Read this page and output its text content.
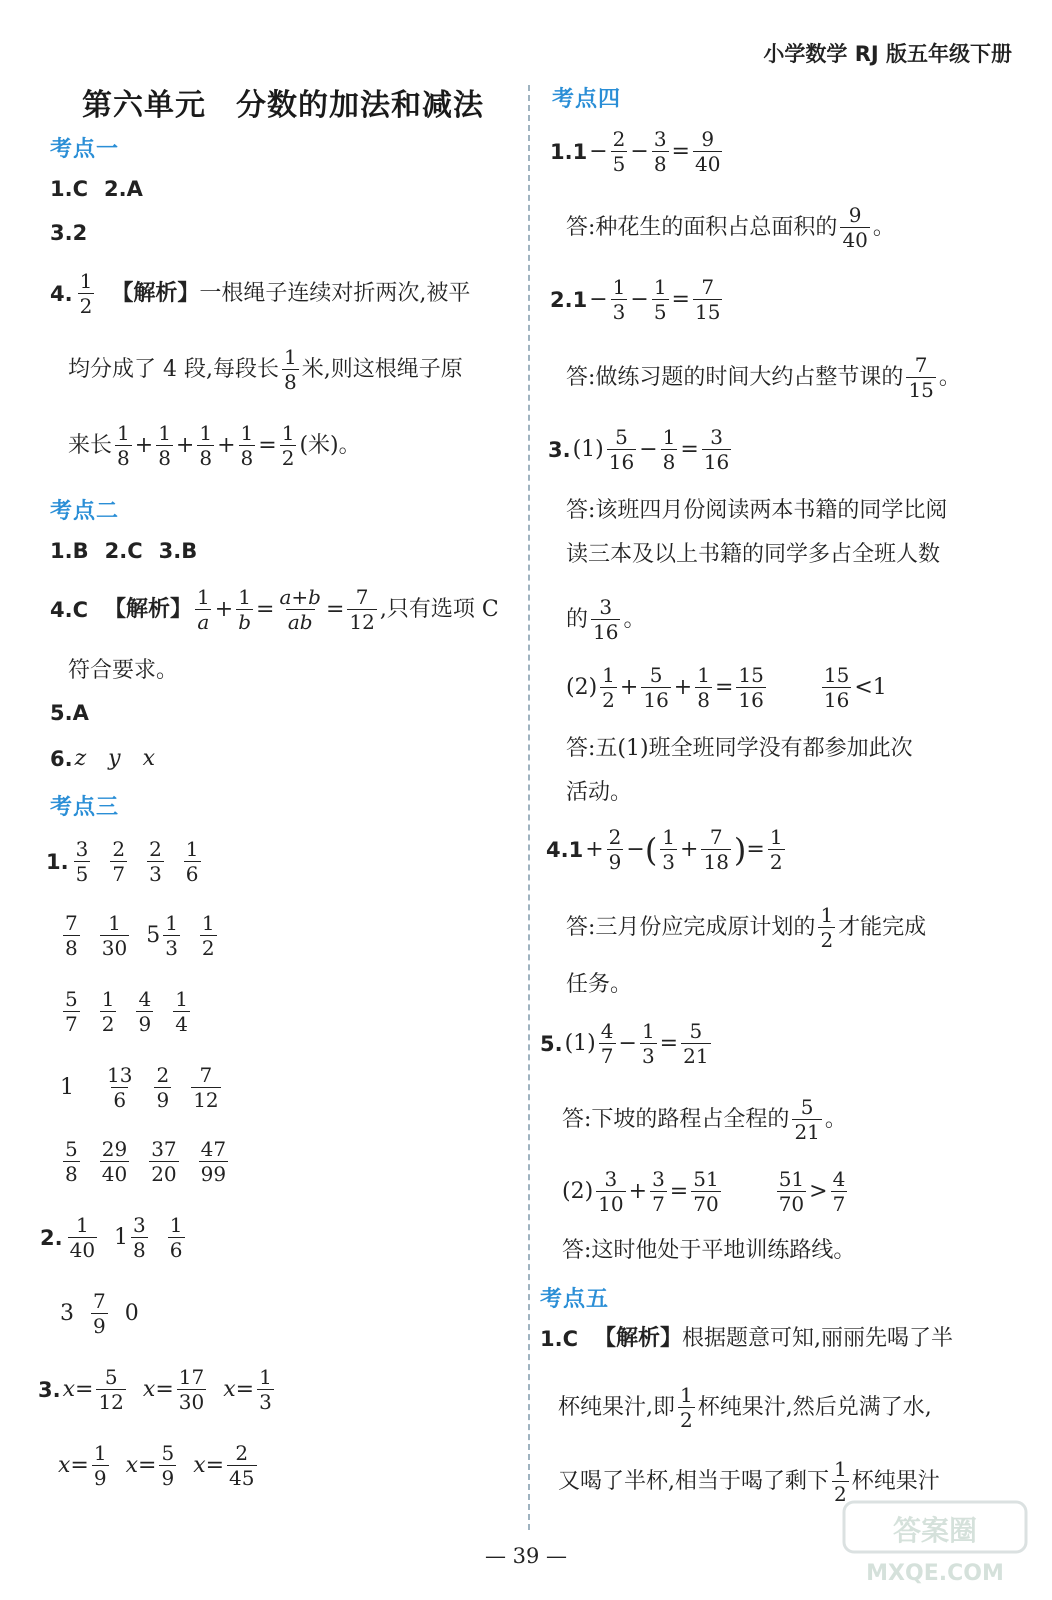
小学数学 RJ 版五年级下册
第六单元 分数的加法和减法
考点一
1.C 2.A
3.2
4. $\frac{1}{2}$ 【解析】 一根绳子连续对折两次,被平
均分成了 4 段,每段长 $\frac{1}{8}$ 米,则这根绳子原
来长 $\frac{1}{8} + \frac{1}{8} + \frac{1}{8} + \frac{1}{8} = \frac{1}{2}$ (米)。
考点二
1.B 2.C 3.B
4.C 【解析】 $\frac{1}{a} + \frac{1}{b} = \frac{a+b}{ab} = \frac{7}{12}$ ,只有选项 C
符合要求。
5.A
6. z　y　x
考点三
1. $\frac{3}{5} \frac{2}{7} \frac{2}{3} \frac{1}{6}$
$\frac{7}{8} \frac{1}{30} 5 \frac{1}{3} \frac{1}{2}$
$\frac{5}{7} \frac{1}{2} \frac{4}{9} \frac{1}{4}$
$1 \frac{13}{6} \frac{2}{9} \frac{7}{12}$
$\frac{5}{8} \frac{29}{40} \frac{37}{20} \frac{47}{99}$
2. $\frac{1}{40} 1 \frac{3}{8} \frac{1}{6}$
$3 \frac{7}{9} 0$
3. $x = \frac{5}{12}$ $x = \frac{17}{30}$ $x = \frac{1}{3}$
$x = \frac{1}{9}$ $x = \frac{5}{9}$ $x = \frac{2}{45}$
考点四
$1.1 - \frac{2}{5} - \frac{3}{8} = \frac{9}{40}$
答: 种花生的面积占总面积的 $\frac{9}{40}$ 。
$2.1 - \frac{1}{3} - \frac{1}{5} = \frac{7}{15}$
答: 做练习题的时间大约占整节课的 $\frac{7}{15}$ 。
3. $(1) \frac{5}{16} - \frac{1}{8} = \frac{3}{16}$
答: 该班四月份阅读两本书籍的同学比阅
读三本及以上书籍的同学多占全班人数
的 $\frac{3}{16}$ 。
$(2) \frac{1}{2} + \frac{5}{16} + \frac{1}{8} = \frac{15}{16}$	$\frac{15}{16} < 1$
答: 五(1)班全班同学没有都参加此次
活动。
$4.1 + \frac{2}{9}$ − ( $\frac{1}{3} + \frac{7}{18}$ ) = $\frac{1}{2}$
答: 三月份应完成原计划的 $\frac{1}{2}$ 才能完成
任务。
5. $(1) \frac{4}{7} - \frac{1}{3} = \frac{5}{21}$
答: 下坡的路程占全程的 $\frac{5}{21}$ 。
$(2) \frac{3}{10} + \frac{3}{7} = \frac{51}{70}$	$\frac{51}{70} > \frac{4}{7}$
答: 这时他处于平地训练路线。
考点五
1.C 【解析】 根据题意可知,丽丽先喝了半
杯纯果汁,即 $\frac{1}{2}$ 杯纯果汁,然后兑满了水,
又喝了半杯,相当于喝了剩下 $\frac{1}{2}$ 杯纯果汁
— 39 —
答案圈
MXQE.COM
